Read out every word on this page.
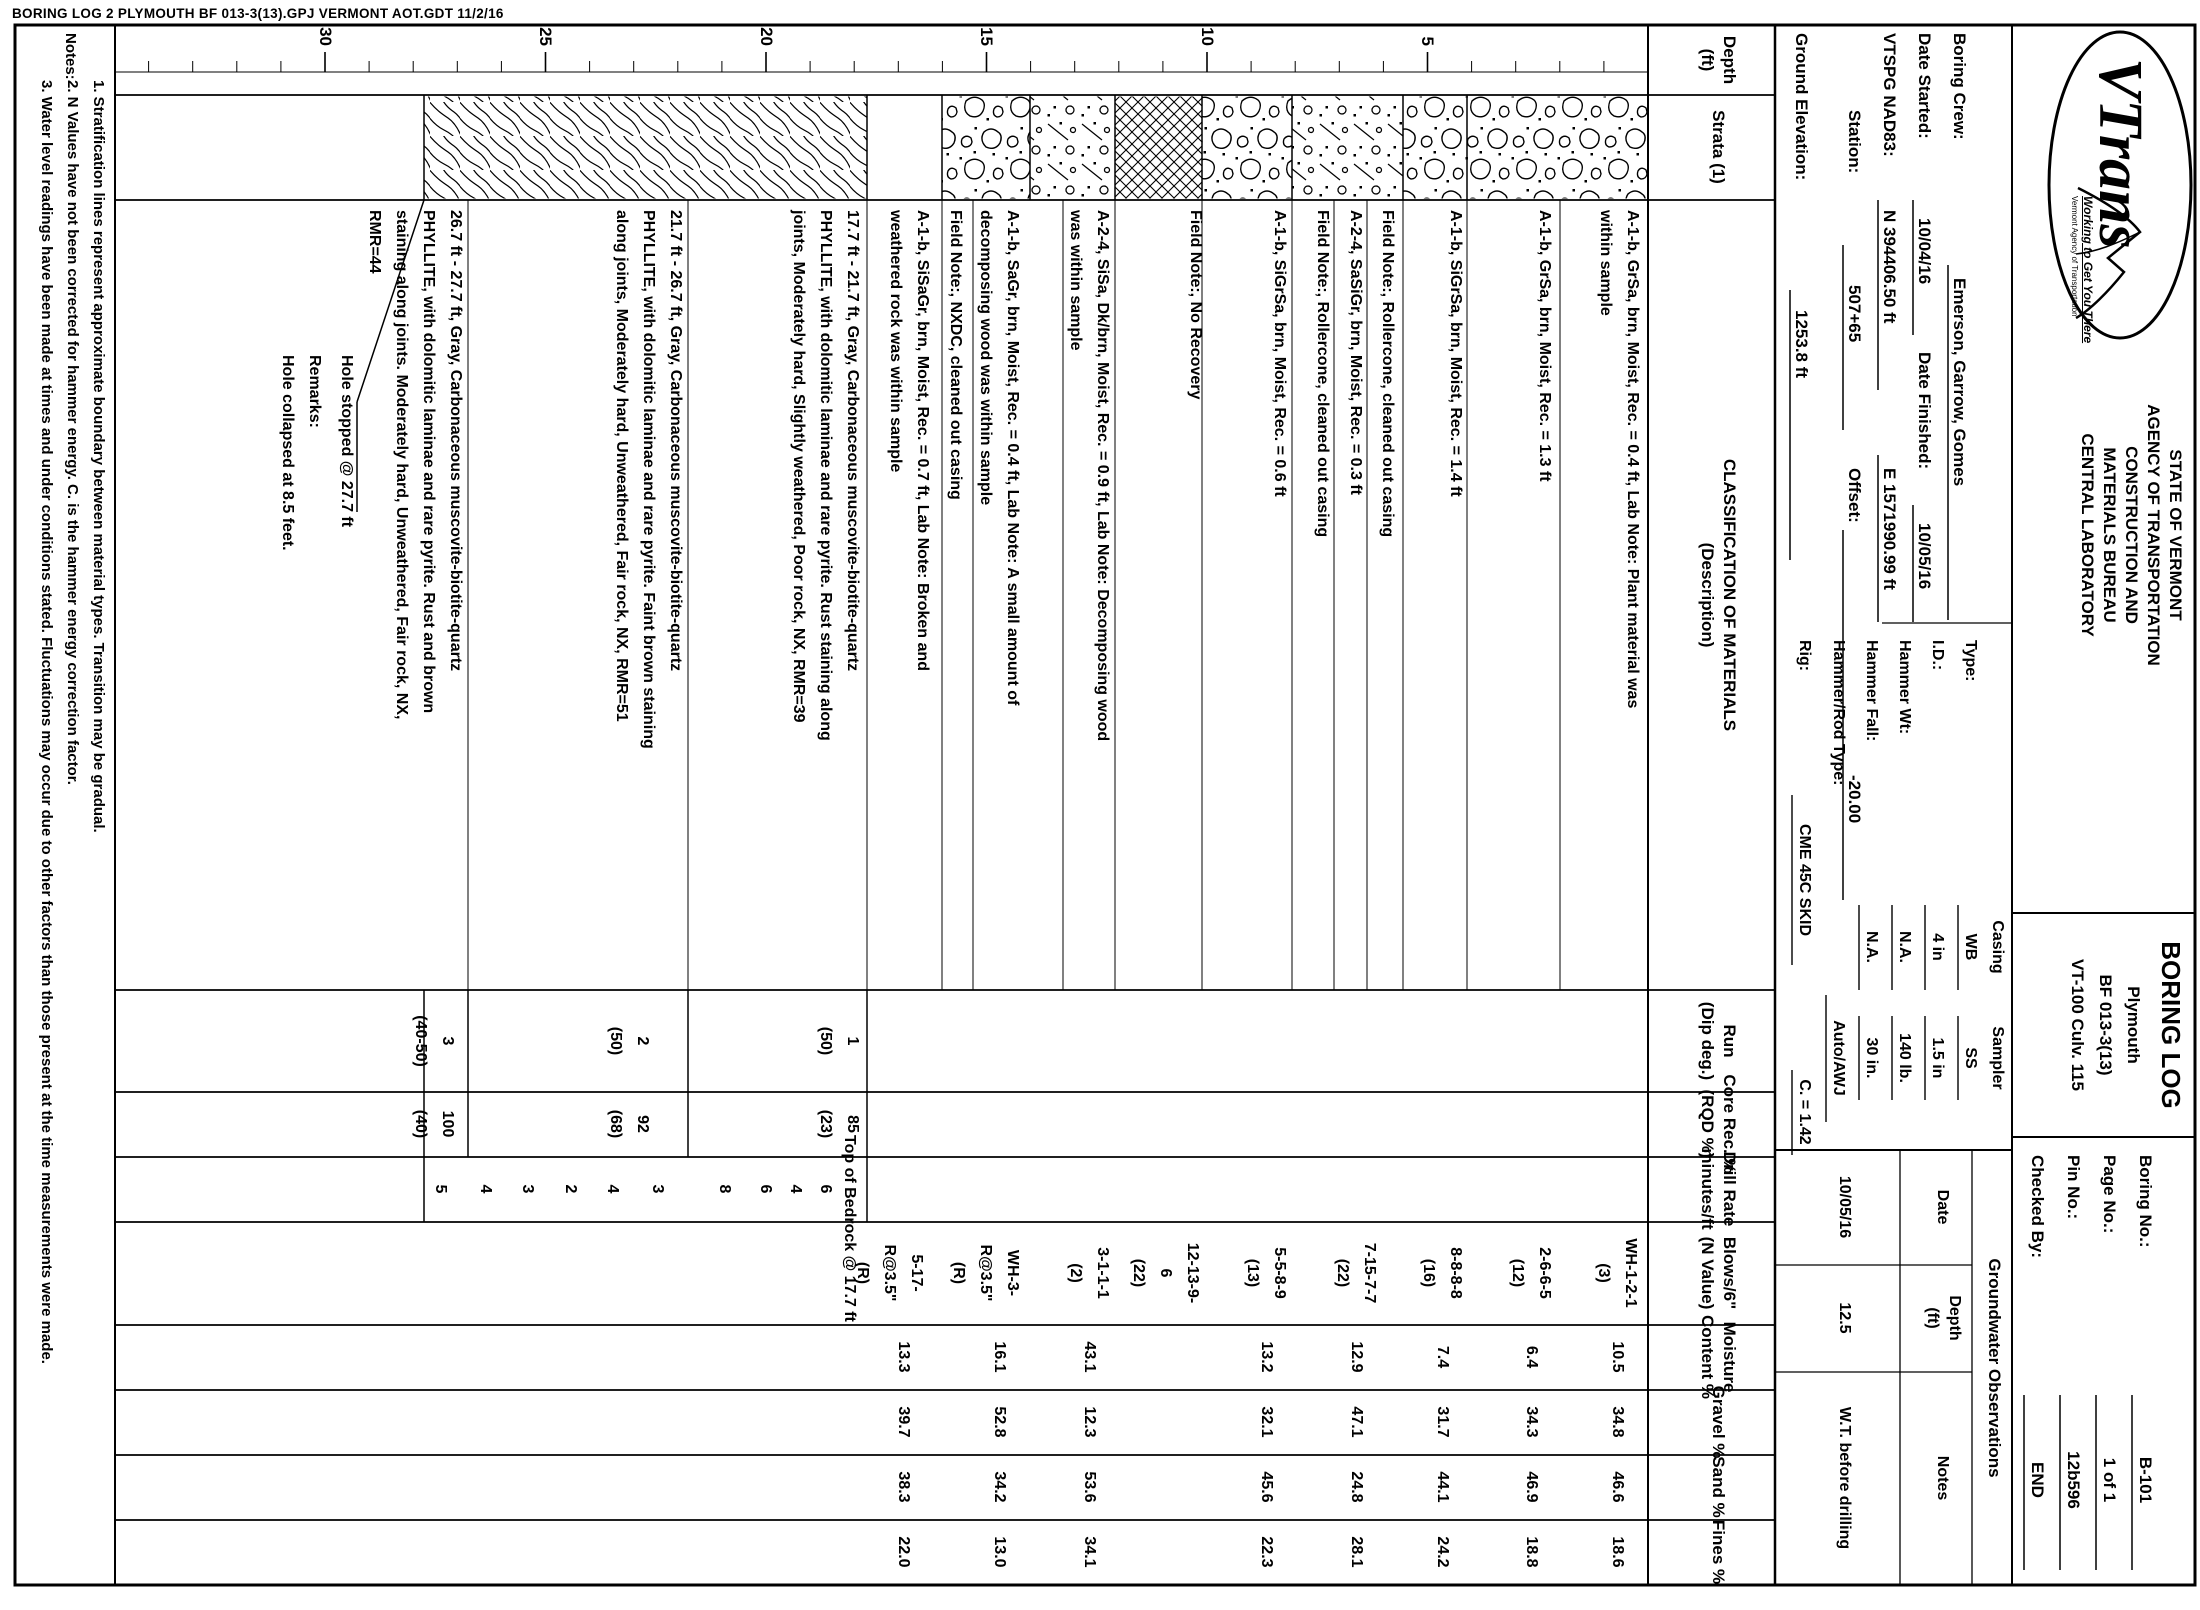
VTrans
Working to Get You There
Vermont Agency of Transportation
BORING LOG 2 PLYMOUTH BF 013-3(13).GPJ VERMONT AOT.GDT 11/2/16
5
10
15
20
25
30
STATE OF VERMONT
AGENCY OF TRANSPORTATION
CONSTRUCTION AND
MATERIALS BUREAU
CENTRAL LABORATORY
BORING LOG
Plymouth
BF 013-3(13)
VT-100 Culv. 115
Boring No.:
B-101
Page No.:
1 of 1
Pin No.:
12b596
Checked By:
END
Boring Crew:
Emerson, Garrow, Gomes
Date Started:
10/04/16
Date Finished:
10/05/16
VTSPG NAD83:
N 394406.50 ft
E 1571990.99 ft
Station:
507+65
Offset:
-20.00
Ground Elevation:
1253.8 ft
Casing
Sampler
Type:
WB
SS
I.D.:
4 in
1.5 in
Hammer Wt:
N.A.
140 lb.
Hammer Fall:
N.A.
30 in.
Hammer/Rod Type:
Auto/AWJ
Rig:
CME 45C SKID
C. = 1.42
Groundwater Observations
Date
Depth
(ft)
Notes
10/05/16
12.5
W.T. before drilling
Depth
(ft)
Strata (1)
CLASSIFICATION OF MATERIALS
(Description)
Run
(Dip deg.)
Core Rec. %
(RQD %)
Drill Rate
minutes/ft
Blows/6"
(N Value)
Moisture
Content %
Gravel %
Sand %
Fines %
A-1-b, GrSa, brn, Moist, Rec. = 0.4 ft, Lab Note: Plant material was
within sample
A-1-b, GrSa, brn, Moist, Rec. = 1.3 ft
A-1-b, SiGrSa, brn, Moist, Rec. = 1.4 ft
Field Note:, Rollercone, cleaned out casing
A-2-4, SaSiGr, brn, Moist, Rec. = 0.3 ft
Field Note:, Rollercone, cleaned out casing
A-1-b, SiGrSa, brn, Moist, Rec. = 0.6 ft
Field Note:, No Recovery
A-2-4, SiSa, Dk/brn, Moist, Rec. = 0.9 ft, Lab Note: Decomposing wood
was within sample
A-1-b, SaGr, brn, Moist, Rec. = 0.4 ft, Lab Note: A small amount of
decomposing wood was within sample
Field Note:, NXDC, cleaned out casing
A-1-b, SiSaGr, brn, Moist, Rec. = 0.7 ft, Lab Note: Broken and
weathered rock was within sample
17.7 ft - 21.7 ft, Gray, Carbonaceous muscovite-biotite-quartz
PHYLLITE, with dolomitic laminae and rare pyrite. Rust staining along
joints, Moderately hard, Slightly weathered, Poor rock, NX, RMR=39
21.7 ft - 26.7 ft, Gray, Carbonaceous muscovite-biotite-quartz
PHYLLITE, with dolomitic laminae and rare pyrite. Faint brown staining
along joints, Moderately hard, Unweathered, Fair rock, NX, RMR=51
26.7 ft - 27.7 ft, Gray, Carbonaceous muscovite-biotite-quartz
PHYLLITE, with dolomitic laminae and rare pyrite. Rust and brown
staining along joints. Moderately hard, Unweathered, Fair rock, NX,
RMR=44
WH-1-2-1
(3)
10.5
34.8
46.6
18.6
2-6-6-5
(12)
6.4
34.3
46.9
18.8
8-8-8-8
(16)
7.4
31.7
44.1
24.2
7-15-7-7
(22)
12.9
47.1
24.8
28.1
5-5-8-9
(13)
13.2
32.1
45.6
22.3
12-13-9-
6
(22)
3-1-1-1
(2)
43.1
12.3
53.6
34.1
WH-3-
R@3.5"
(R)
16.1
52.8
34.2
13.0
5-17-
R@3.5"
(R)
13.3
39.7
38.3
22.0
1
(50)
85
(23)
2
(50)
92
(68)
3
(40-50)
100
(40)
6
4
6
8
3
4
2
3
4
5	Top of Bedrock @ 17.7 ft
Hole stopped @ 27.7 ft
Remarks:
Hole collapsed at 8.5 feet.
Notes:
1. Stratification lines represent approximate boundary between material types. Transition may be gradual.
2. N Values have not been corrected for hammer energy. C. is the hammer energy correction factor.
3. Water level readings have been made at times and under conditions stated. Fluctuations may occur due to other factors than those present at the time measurements were made.
